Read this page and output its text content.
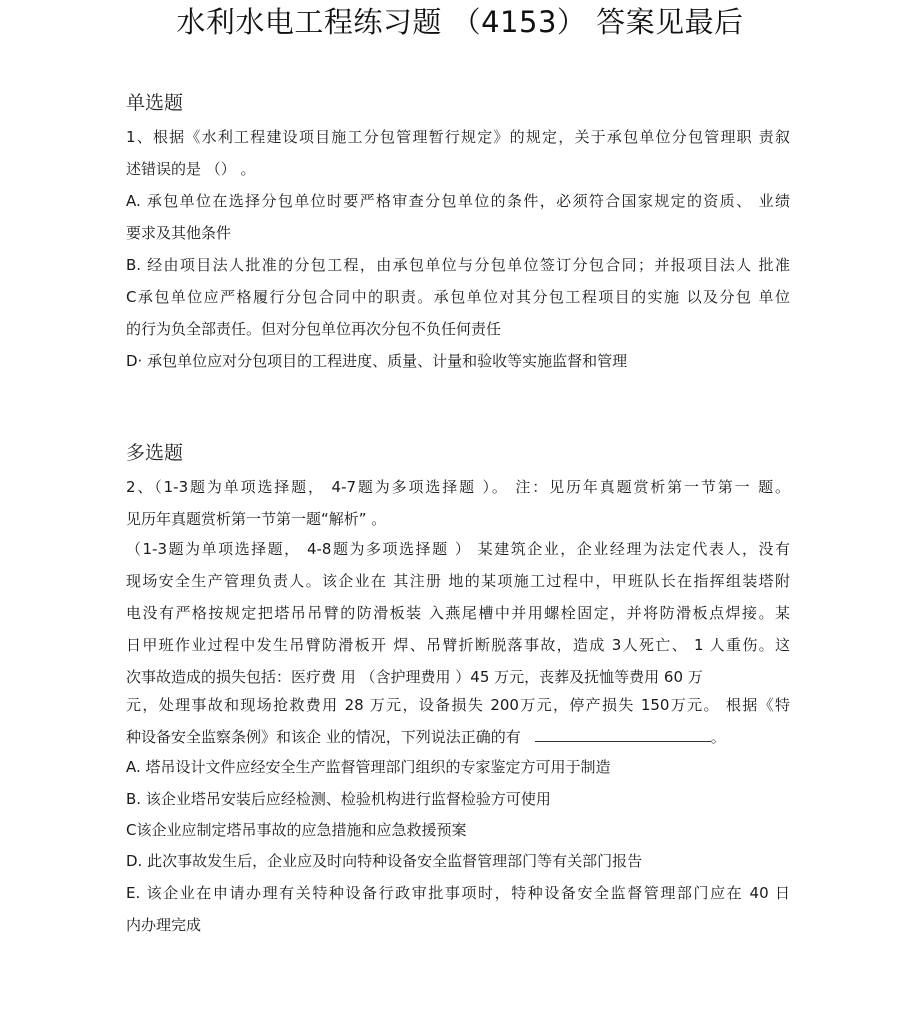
水利水电工程练习题 （4153） 答案见最后
单选题
1、根据《水利工程建设项目施工分包管理暂行规定》的规定，关于承包单位分包管理职 责叙
述错误的是 （） 。
A. 承包单位在选择分包单位时要严格审查分包单位的条件，必须符合国家规定的资质、 业绩
要求及其他条件
B. 经由项目法人批准的分包工程，由承包单位与分包单位签订分包合同；并报项目法人 批准
C承包单位应严格履行分包合同中的职责。承包单位对其分包工程项目的实施 以及分包 单位
的行为负全部责任。但对分包单位再次分包不负任何责任
D· 承包单位应对分包项目的工程进度、质量、计量和验收等实施监督和管理
多选题
2、（1-3题为单项选择题， 4-7题为多项选择题 ）。 注：见历年真题赏析第一节第一 题。
见历年真题赏析第一节第一题“解析” 。
（1-3题为单项选择题， 4-8题为多项选择题 ） 某建筑企业，企业经理为法定代表人，没有
现场安全生产管理负责人。该企业在 其注册 地的某项施工过程中，甲班队长在指挥组装塔附
电没有严格按规定把塔吊吊臂的防滑板装 入燕尾槽中并用螺栓固定，并将防滑板点焊接。某
日甲班作业过程中发生吊臂防滑板开 焊、吊臂折断脱落事故，造成 3人死亡、 1 人重伤。这
次事故造成的损失包括：医疗费 用 （含护理费用 ）45 万元，丧葬及抚恤等费用 60 万
元，处理事故和现场抢救费用 28 万元，设备损失 200万元，停产损失 150万元。 根据《特
种设备安全监察条例》和该企 业的情况，下列说法正确的有	。
A. 塔吊设计文件应经安全生产监督管理部门组织的专家鉴定方可用于制造
B. 该企业塔吊安装后应经检测、检验机构进行监督检验方可使用
C该企业应制定塔吊事故的应急措施和应急救援预案
D. 此次事故发生后，企业应及时向特种设备安全监督管理部门等有关部门报告
E. 该企业在申请办理有关特种设备行政审批事项时，特种设备安全监督管理部门应在 40 日
内办理完成
